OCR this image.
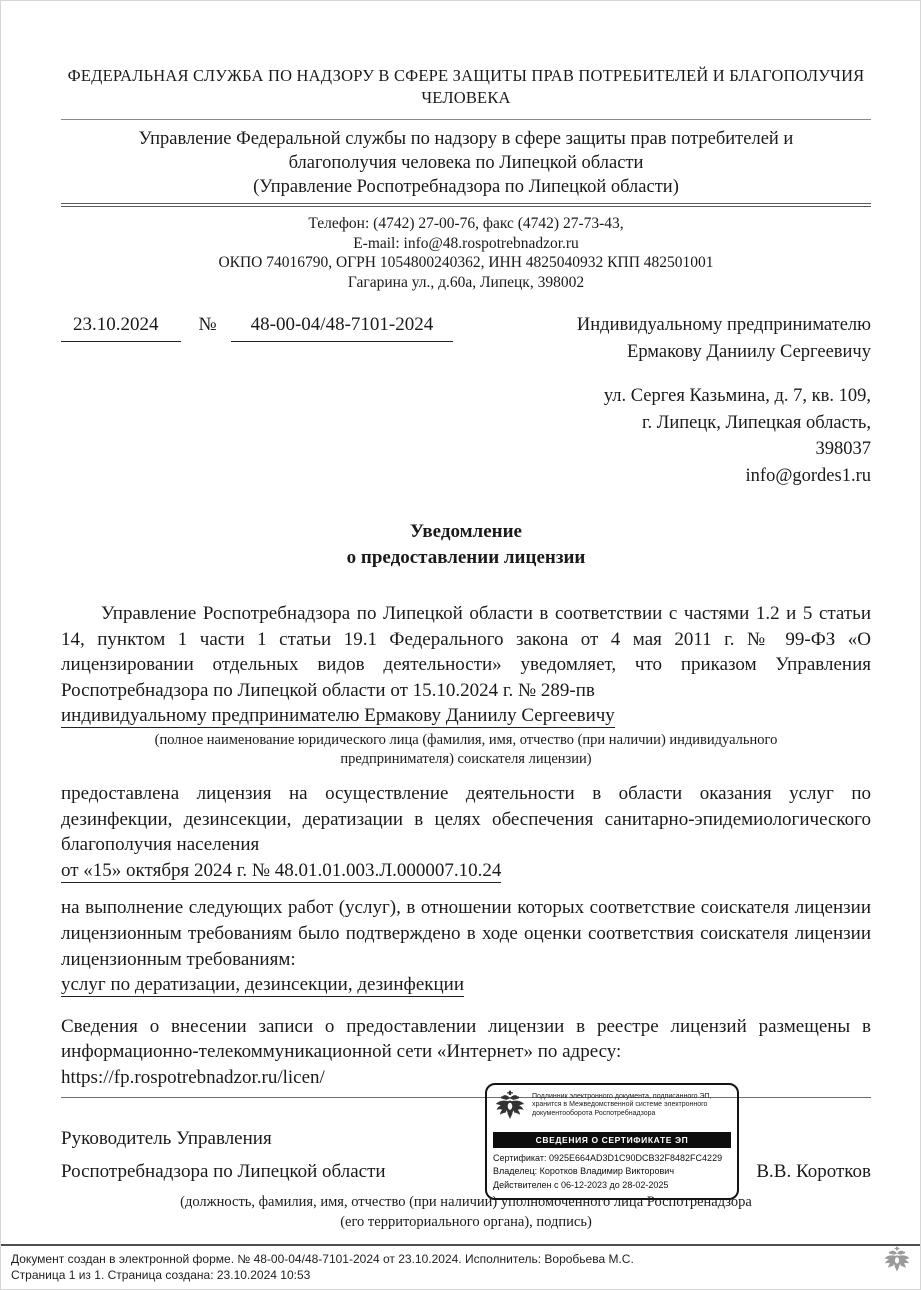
ФЕДЕРАЛЬНАЯ СЛУЖБА ПО НАДЗОРУ В СФЕРЕ ЗАЩИТЫ ПРАВ ПОТРЕБИТЕЛЕЙ И БЛАГОПОЛУЧИЯ ЧЕЛОВЕКА
Управление Федеральной службы по надзору в сфере защиты прав потребителей и
благополучия человека по Липецкой области
(Управление Роспотребнадзора по Липецкой области)
Телефон: (4742) 27-00-76, факс (4742) 27-73-43,
E-mail: info@48.rospotrebnadzor.ru
ОКПО 74016790, ОГРН 1054800240362, ИНН 4825040932 КПП 482501001
Гагарина ул., д.60а, Липецк, 398002
23.10.2024 № 48-00-04/48-7101-2024	Индивидуальному предпринимателю
Ермакову Даниилу Сергеевичу
ул. Сергея Казьмина, д. 7, кв. 109,
г. Липецк, Липецкая область,
398037
info@gordes1.ru
Уведомление
о предоставлении лицензии
Управление Роспотребнадзора по Липецкой области в соответствии с частями 1.2 и 5 статьи 14, пунктом 1 части 1 статьи 19.1 Федерального закона от 4 мая 2011 г. № 99-ФЗ «О лицензировании отдельных видов деятельности» уведомляет, что приказом Управления Роспотребнадзора по Липецкой области от 15.10.2024 г. № 289-пв
индивидуальному предпринимателю Ермакову Даниилу Сергеевичу
(полное наименование юридического лица (фамилия, имя, отчество (при наличии) индивидуального
предпринимателя) соискателя лицензии)
предоставлена лицензия на осуществление деятельности в области оказания услуг по дезинфекции, дезинсекции, дератизации в целях обеспечения санитарно-эпидемиологического благополучия населения
от «15» октября 2024 г. № 48.01.01.003.Л.000007.10.24
на выполнение следующих работ (услуг), в отношении которых соответствие соискателя лицензии лицензионным требованиям было подтверждено в ходе оценки соответствия соискателя лицензии лицензионным требованиям:
услуг по дератизации, дезинсекции, дезинфекции
Сведения о внесении записи о предоставлении лицензии в реестре лицензий размещены в информационно-телекоммуникационной сети «Интернет» по адресу:
https://fp.rospotrebnadzor.ru/licen/
Подлинник электронного документа, подписанного ЭП, хранится в Межведомственной системе электронного документооборота Роспотребнадзора
СВЕДЕНИЯ О СЕРТИФИКАТЕ ЭП
Сертификат: 0925E664AD3D1C90DCB32F8482FC4229
Владелец: Коротков Владимир Викторович
Действителен с 06-12-2023 до 28-02-2025
Руководитель Управления
Роспотребнадзора по Липецкой области	В.В. Коротков
(должность, фамилия, имя, отчество (при наличии) уполномоченного лица Роспотренадзора
(его территориального органа), подпись)
Документ создан в электронной форме. № 48-00-04/48-7101-2024 от 23.10.2024. Исполнитель: Воробьева М.С.
Страница 1 из 1. Страница создана: 23.10.2024 10:53
